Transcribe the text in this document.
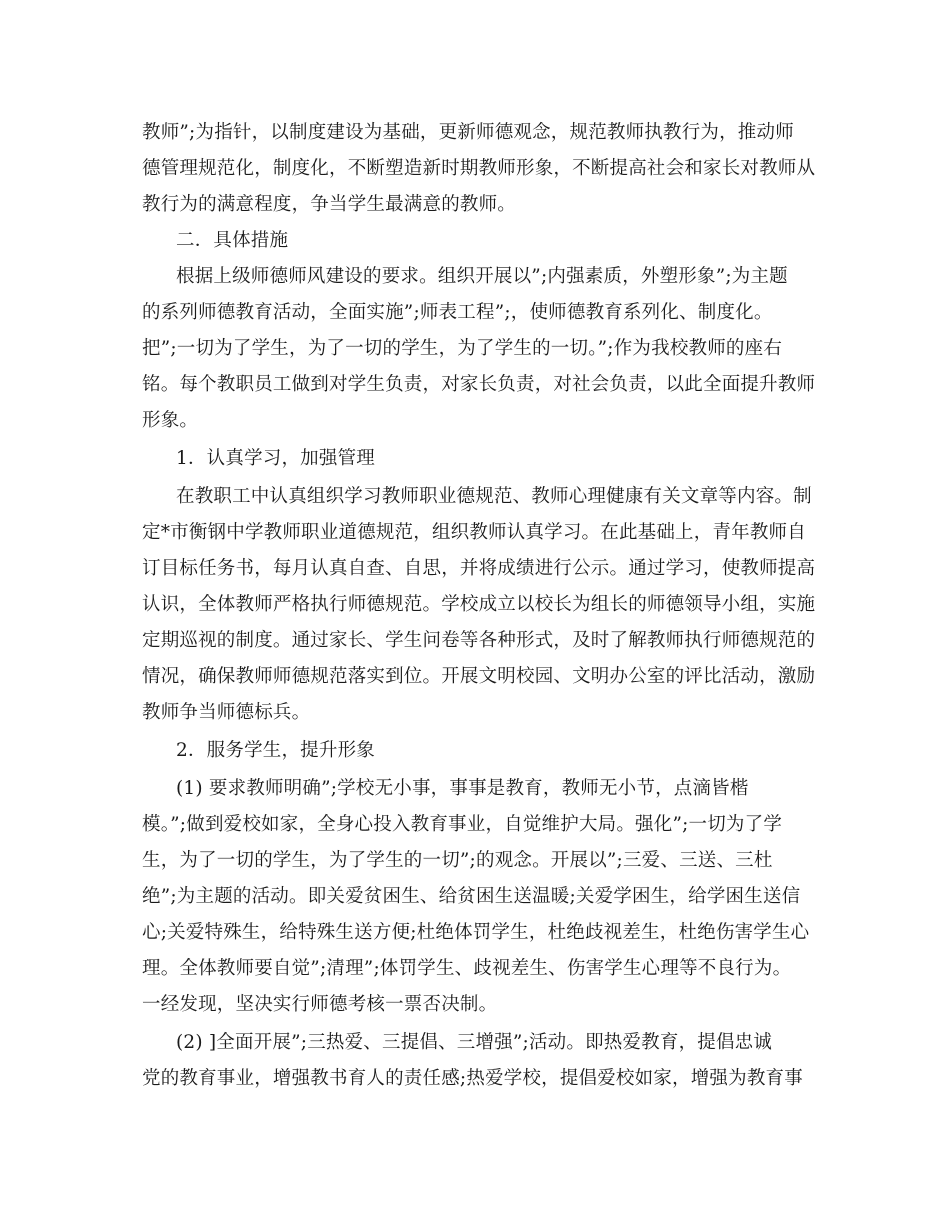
教师”;为指针，以制度建设为基础，更新师德观念，规范教师执教行为，推动师
德管理规范化，制度化，不断塑造新时期教师形象，不断提高社会和家长对教师从
教行为的满意程度，争当学生最满意的教师。
二．具体措施
根据上级师德师风建设的要求。组织开展以”;内强素质，外塑形象”;为主题
的系列师德教育活动，全面实施”;师表工程”;，使师德教育系列化、制度化。
把”;一切为了学生，为了一切的学生，为了学生的一切。”;作为我校教师的座右
铭。每个教职员工做到对学生负责，对家长负责，对社会负责，以此全面提升教师
形象。
1．认真学习，加强管理
在教职工中认真组织学习教师职业德规范、教师心理健康有关文章等内容。制
定*市衡钢中学教师职业道德规范，组织教师认真学习。在此基础上，青年教师自
订目标任务书，每月认真自查、自思，并将成绩进行公示。通过学习，使教师提高
认识，全体教师严格执行师德规范。学校成立以校长为组长的师德领导小组，实施
定期巡视的制度。通过家长、学生问卷等各种形式，及时了解教师执行师德规范的
情况，确保教师师德规范落实到位。开展文明校园、文明办公室的评比活动，激励
教师争当师德标兵。
2．服务学生，提升形象
(1) 要求教师明确”;学校无小事，事事是教育，教师无小节，点滴皆楷
模。”;做到爱校如家，全身心投入教育事业，自觉维护大局。强化”;一切为了学
生，为了一切的学生，为了学生的一切”;的观念。开展以”;三爱、三送、三杜
绝”;为主题的活动。即关爱贫困生、给贫困生送温暖;关爱学困生，给学困生送信
心;关爱特殊生，给特殊生送方便;杜绝体罚学生，杜绝歧视差生，杜绝伤害学生心
理。全体教师要自觉”;清理”;体罚学生、歧视差生、伤害学生心理等不良行为。
一经发现，坚决实行师德考核一票否决制。
(2) ]全面开展”;三热爱、三提倡、三增强”;活动。即热爱教育，提倡忠诚
党的教育事业，增强教书育人的责任感;热爱学校，提倡爱校如家，增强为教育事
